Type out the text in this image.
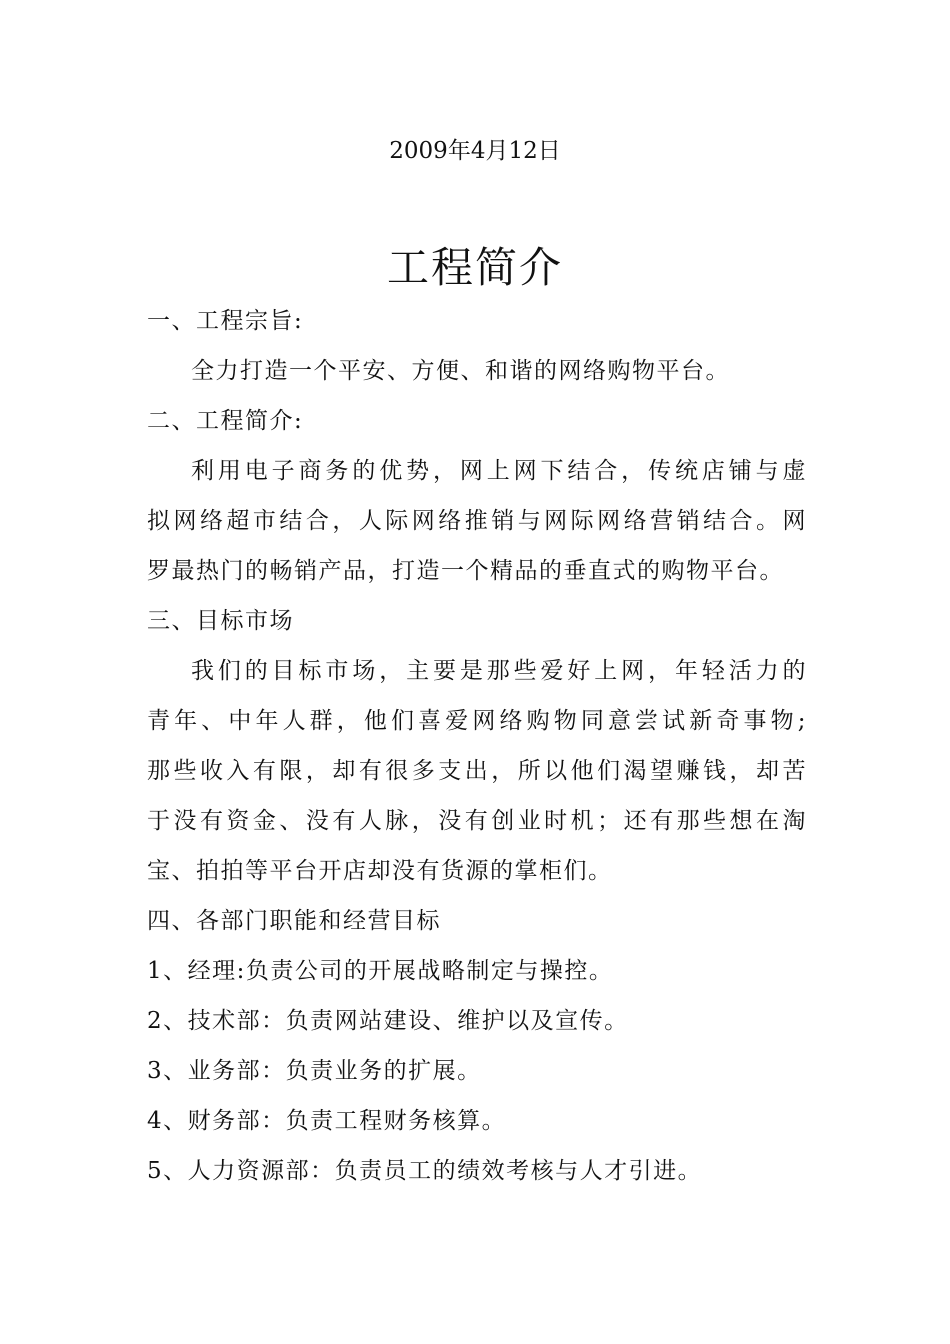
2009年4月12日
工程简介
一、工程宗旨:
全力打造一个平安、方便、和谐的网络购物平台。
二、工程简介:
利用电子商务的优势，网上网下结合，传统店铺与虚
拟网络超市结合，人际网络推销与网际网络营销结合。网
罗最热门的畅销产品，打造一个精品的垂直式的购物平台。
三、目标市场
我们的目标市场，主要是那些爱好上网，年轻活力的
青年、中年人群，他们喜爱网络购物同意尝试新奇事物;
那些收入有限，却有很多支出，所以他们渴望赚钱，却苦
于没有资金、没有人脉，没有创业时机；还有那些想在淘
宝、拍拍等平台开店却没有货源的掌柜们。
四、各部门职能和经营目标
1、经理:负责公司的开展战略制定与操控。
2、技术部：负责网站建设、维护以及宣传。
3、业务部：负责业务的扩展。
4、财务部：负责工程财务核算。
5、人力资源部：负责员工的绩效考核与人才引进。
